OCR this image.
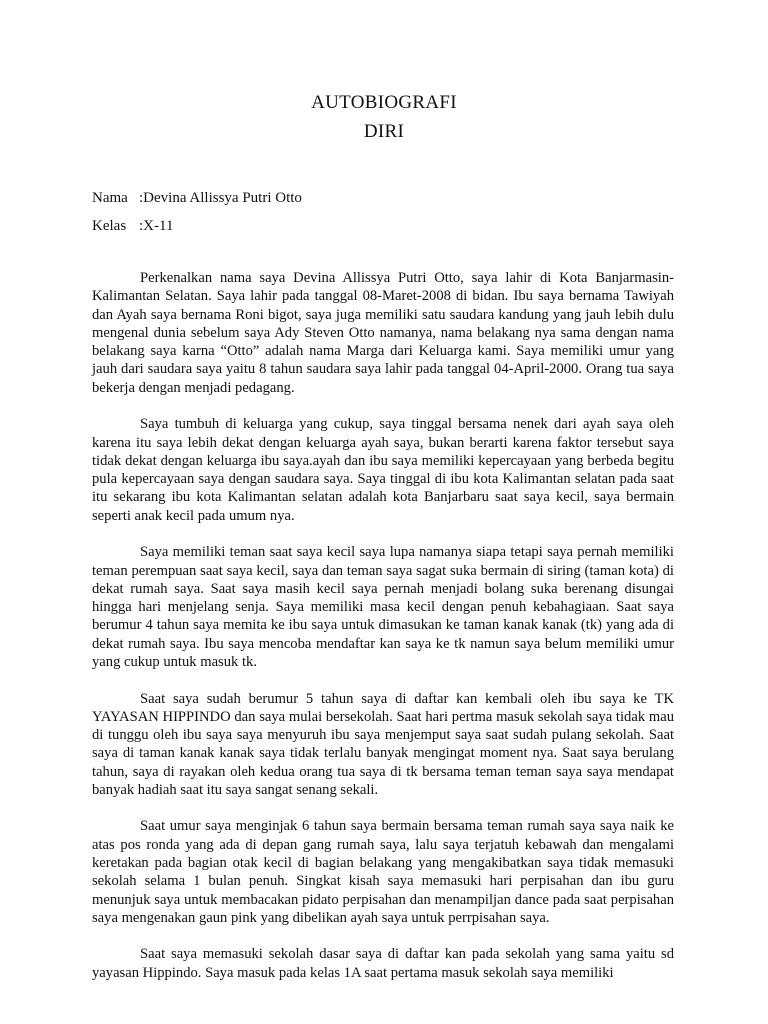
AUTOBIOGRAFI
DIRI
Nama :Devina Allissya Putri Otto
Kelas :X-11

Perkenalkan nama saya Devina Allissya Putri Otto, saya lahir di Kota Banjarmasin-Kalimantan Selatan. Saya lahir pada tanggal 08-Maret-2008 di bidan. Ibu saya bernama Tawiyah dan Ayah saya bernama Roni bigot, saya juga memiliki satu saudara kandung yang jauh lebih dulu mengenal dunia sebelum saya Ady Steven Otto namanya, nama belakang nya sama dengan nama belakang saya karna “Otto” adalah nama Marga dari Keluarga kami. Saya memiliki umur yang jauh dari saudara saya yaitu 8 tahun saudara saya lahir pada tanggal 04-April-2000. Orang tua saya bekerja dengan menjadi pedagang.

Saya tumbuh di keluarga yang cukup, saya tinggal bersama nenek dari ayah saya oleh karena itu saya lebih dekat dengan keluarga ayah saya, bukan berarti karena faktor tersebut saya tidak dekat dengan keluarga ibu saya.ayah dan ibu saya memiliki kepercayaan yang berbeda begitu pula kepercayaan saya dengan saudara saya. Saya tinggal di ibu kota Kalimantan selatan pada saat itu sekarang ibu kota Kalimantan selatan adalah kota Banjarbaru saat saya kecil, saya bermain seperti anak kecil pada umum nya.

Saya memiliki teman saat saya kecil saya lupa namanya siapa tetapi saya pernah memiliki teman perempuan saat saya kecil, saya dan teman saya sagat suka bermain di siring (taman kota) di dekat rumah saya. Saat saya masih kecil saya pernah menjadi bolang suka berenang disungai hingga hari menjelang senja. Saya memiliki masa kecil dengan penuh kebahagiaan. Saat saya berumur 4 tahun saya memita ke ibu saya untuk dimasukan ke taman kanak kanak (tk) yang ada di dekat rumah saya. Ibu saya mencoba mendaftar kan saya ke tk namun saya belum memiliki umur yang cukup untuk masuk tk.

Saat saya sudah berumur 5 tahun saya di daftar kan kembali oleh ibu saya ke TK YAYASAN HIPPINDO dan saya mulai bersekolah. Saat hari pertma masuk sekolah saya tidak mau di tunggu oleh ibu saya saya menyuruh ibu saya menjemput saya saat sudah pulang sekolah. Saat saya di taman kanak kanak saya tidak terlalu banyak mengingat moment nya. Saat saya berulang tahun, saya di rayakan oleh kedua orang tua saya di tk bersama teman teman saya saya mendapat banyak hadiah saat itu saya sangat senang sekali.

Saat umur saya menginjak 6 tahun saya bermain bersama teman rumah saya saya naik ke atas pos ronda yang ada di depan gang rumah saya, lalu saya terjatuh kebawah dan mengalami keretakan pada bagian otak kecil di bagian belakang yang mengakibatkan saya tidak memasuki sekolah selama 1 bulan penuh. Singkat kisah saya memasuki hari perpisahan dan ibu guru menunjuk saya untuk membacakan pidato perpisahan dan menampiljan dance pada saat perpisahan saya mengenakan gaun pink yang dibelikan ayah saya untuk perrpisahan saya.

Saat saya memasuki sekolah dasar saya di daftar kan pada sekolah yang sama yaitu sd yayasan Hippindo. Saya masuk pada kelas 1A saat pertama masuk sekolah saya memiliki
